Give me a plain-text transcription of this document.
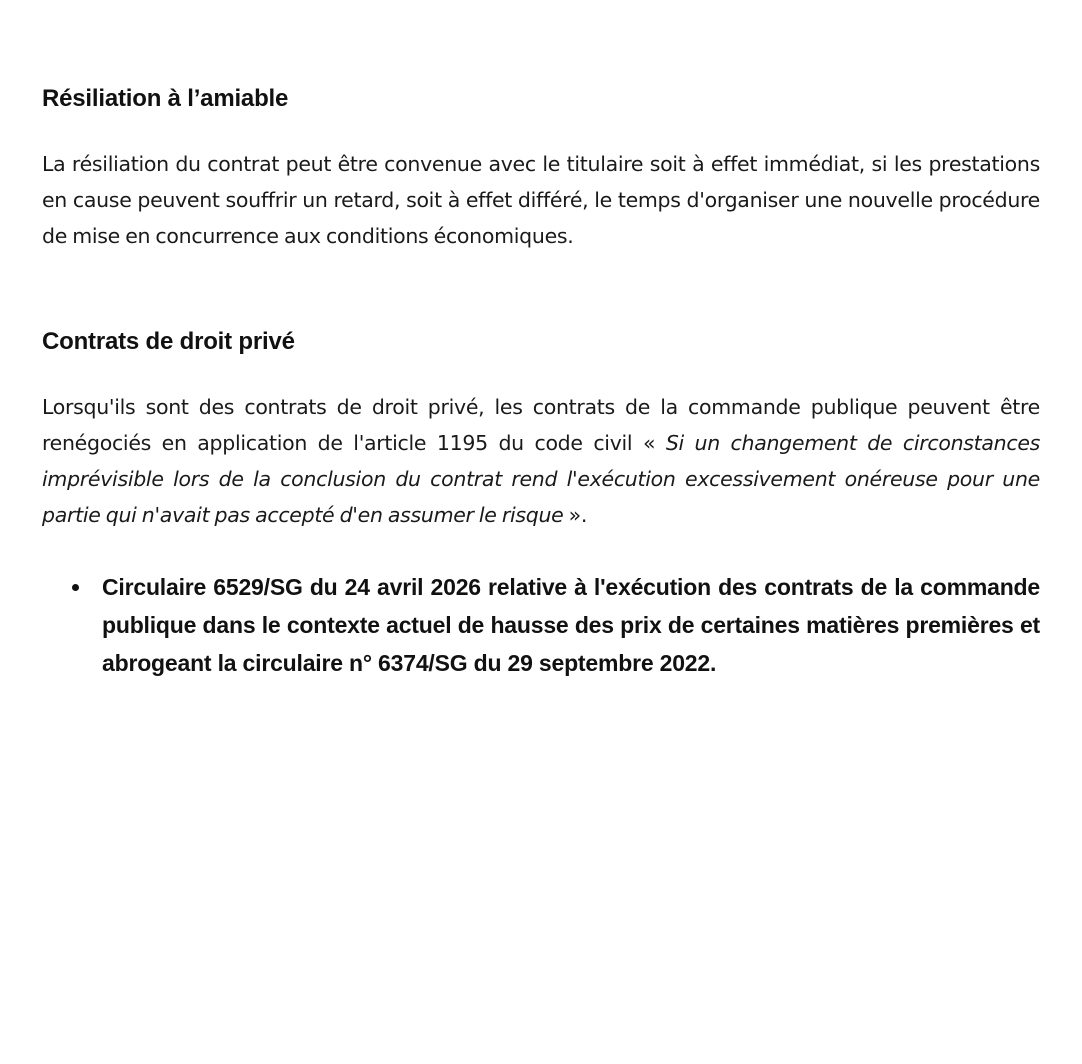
Résiliation à l’amiable

La résiliation du contrat peut être convenue avec le titulaire soit à effet immédiat, si les prestations en cause peuvent souffrir un retard, soit à effet différé, le temps d'organiser une nouvelle procédure de mise en concurrence aux conditions économiques.

Contrats de droit privé

Lorsqu'ils sont des contrats de droit privé, les contrats de la commande publique peuvent être renégociés en application de l'article 1195 du code civil « Si un changement de circonstances imprévisible lors de la conclusion du contrat rend l'exécution excessivement onéreuse pour une partie qui n'avait pas accepté d'en assumer le risque ».

Circulaire 6529/SG du 24 avril 2026 relative à l'exécution des contrats de la commande publique dans le contexte actuel de hausse des prix de certaines matières premières et abrogeant la circulaire n° 6374/SG du 29 septembre 2022.
